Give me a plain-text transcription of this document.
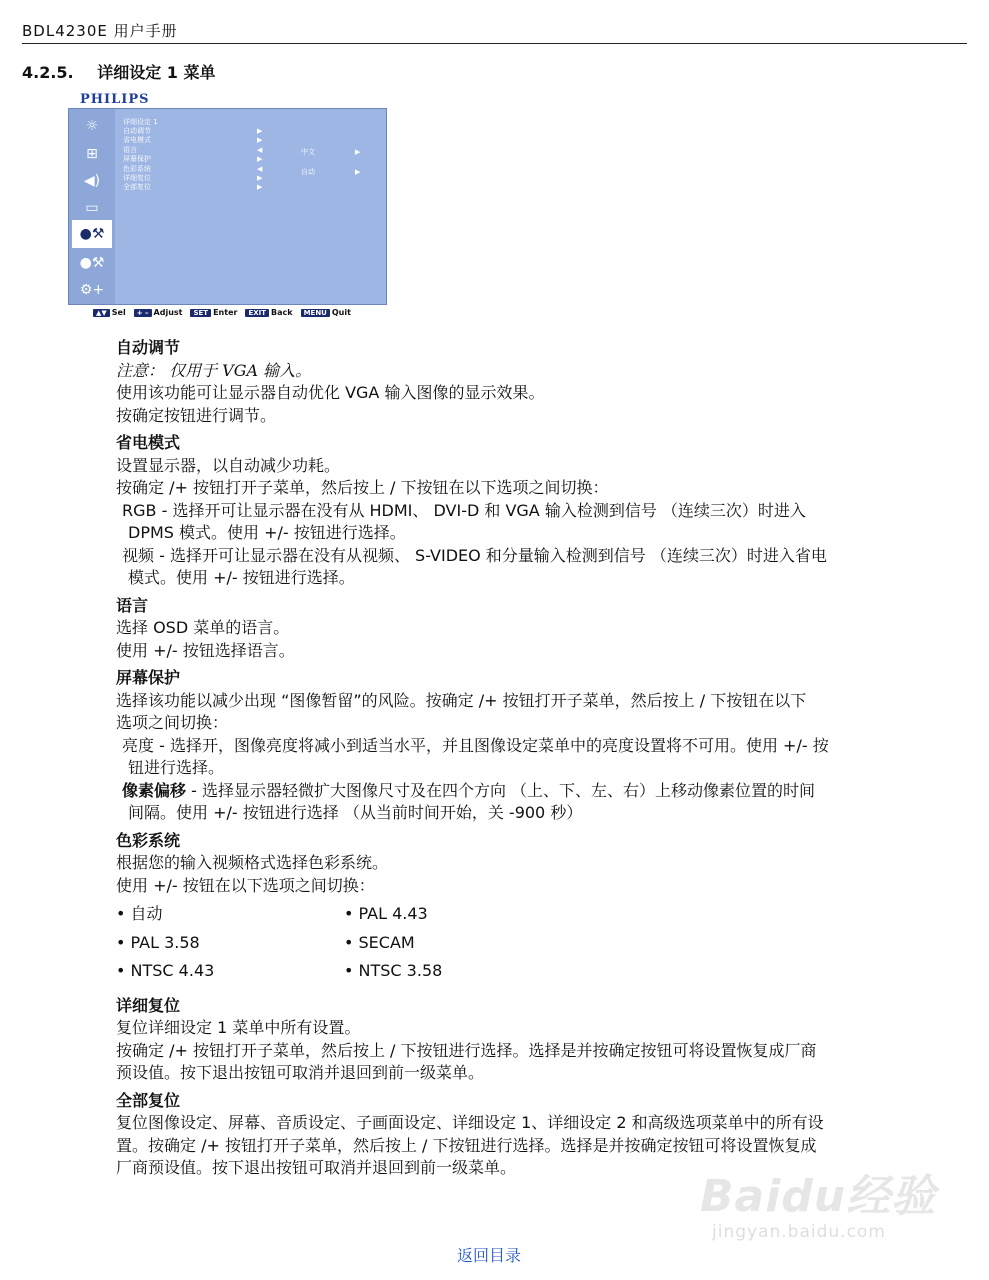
BDL4230E 用户手册
4.2.5. 详细设定 1 菜单
PHILIPS
☼
⊞
◀)
▭
●⚒
●⚒
⚙+
详细设定 1
自动调节	▶
省电模式	▶
语言	◀
屏幕保护	▶
色彩系统	◀
详细复位	▶
全部复位	▶
中文	▶
自动	▶
▲▼ Sel	+ – Adjust	SET Enter	EXIT Back	MENU Quit

自动调节

注意： 仅用于 VGA 输入。

使用该功能可让显示器自动优化 VGA 输入图像的显示效果。

按确定按钮进行调节。

省电模式

设置显示器，以自动减少功耗。

按确定 /+ 按钮打开子菜单，然后按上 / 下按钮在以下选项之间切换：

RGB - 选择开可让显示器在没有从 HDMI、 DVI-D 和 VGA 输入检测到信号 （连续三次）时进入

DPMS 模式。使用 +/- 按钮进行选择。

视频 - 选择开可让显示器在没有从视频、 S-VIDEO 和分量输入检测到信号 （连续三次）时进入省电

模式。使用 +/- 按钮进行选择。

语言

选择 OSD 菜单的语言。

使用 +/- 按钮选择语言。

屏幕保护

选择该功能以减少出现 “图像暂留”的风险。按确定 /+ 按钮打开子菜单，然后按上 / 下按钮在以下

选项之间切换：

亮度 - 选择开，图像亮度将减小到适当水平，并且图像设定菜单中的亮度设置将不可用。使用 +/- 按

钮进行选择。

像素偏移 - 选择显示器轻微扩大图像尺寸及在四个方向 （上、下、左、右）上移动像素位置的时间

间隔。使用 +/- 按钮进行选择 （从当前时间开始，关 -900 秒）

色彩系统

根据您的输入视频格式选择色彩系统。

使用 +/- 按钮在以下选项之间切换：

• 自动	• PAL 4.43
• PAL 3.58	• SECAM
• NTSC 4.43	• NTSC 3.58

详细复位

复位详细设定 1 菜单中所有设置。

按确定 /+ 按钮打开子菜单，然后按上 / 下按钮进行选择。选择是并按确定按钮可将设置恢复成厂商

预设值。按下退出按钮可取消并退回到前一级菜单。

全部复位

复位图像设定、屏幕、音质设定、子画面设定、详细设定 1、详细设定 2 和高级选项菜单中的所有设

置。按确定 /+ 按钮打开子菜单，然后按上 / 下按钮进行选择。选择是并按确定按钮可将设置恢复成

厂商预设值。按下退出按钮可取消并退回到前一级菜单。

Baidu经验
jingyan.baidu.com
返回目录
